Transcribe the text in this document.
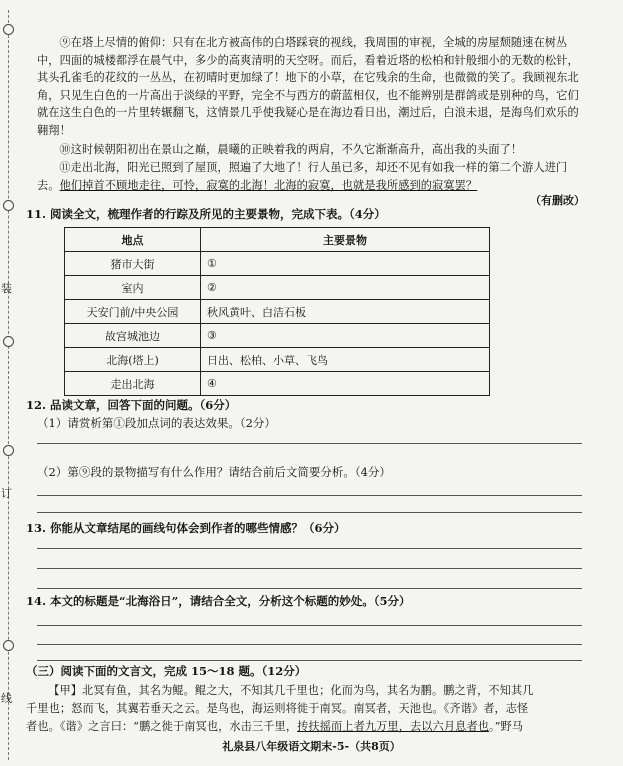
装
订
线
⑨在塔上尽情的俯仰：只有在北方被高伟的白塔踩衰的视线，我周围的审视，全城的房屋颓随速在树丛中，四面的城楼都浮在晨气中，多少的高爽清明的天空呀。而后，看着近塔的松柏和针般细小的无数的松针，其头孔雀毛的花纹的一丛丛，在初晴时更加绿了！地下的小草，在它残余的生命，也微微的笑了。我顾视东北角，只见生白色的一片高出于淡绿的平野，完全不与西方的蔚蓝相仅，也不能辨别是群鸽或是别种的鸟，它们就在这生白色的一片里转辗翻飞，这情景几乎使我疑心是在海边看日出，潮过后，白浪未退，是海鸟们欢乐的翱翔！
⑩这时候朝阳初出在景山之巅，晨曦的正映着我的两肩，不久它渐渐高升，高出我的头面了！
⑪走出北海，阳光已照到了屋顶，照遍了大地了！行人虽已多，却还不见有如我一样的第二个游人进门去。他们掉首不顾地走往，可怜，寂寞的北海！北海的寂寞，也就是我所感到的寂寞罢？
（有删改）
11. 阅读全文，梳理作者的行踪及所见的主要景物，完成下表。（4分）
地点	主要景物
猪市大街	①
室内	②
天安门前/中央公园	秋风黄叶、白洁石板
故宫城池边	③
北海(塔上)	日出、松柏、小草、飞鸟
走出北海	④
12. 品读文章，回答下面的问题。（6分）
（1）请赏析第①段加点词的表达效果。（2分）
（2）第⑨段的景物描写有什么作用？请结合前后文简要分析。（4分）
13. 你能从文章结尾的画线句体会到作者的哪些情感？（6分）
14. 本文的标题是“北海浴日”，请结合全文，分析这个标题的妙处。（5分）
（三）阅读下面的文言文，完成 15～18 题。（12分）
【甲】北冥有鱼，其名为鲲。鲲之大，不知其几千里也；化而为鸟，其名为鹏。鹏之背，不知其几
千里也；怒而飞，其翼若垂天之云。是鸟也，海运则将徙于南冥。南冥者，天池也。《齐谐》者，志怪
者也。《谐》之言曰：“鹏之徙于南冥也，水击三千里，抟扶摇而上者九万里，去以六月息者也。”野马
礼泉县八年级语文期末-5-（共8页）
